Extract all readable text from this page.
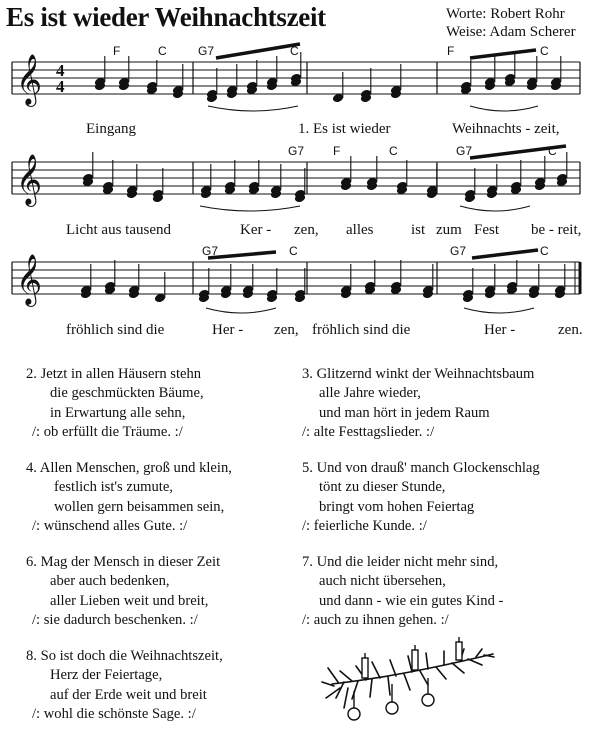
Es ist wieder Weihnachtszeit	Worte: Robert Rohr
Weise: Adam Scherer
𝄞
𝄞
𝄞
4
4
F	C	G7	C	F	C
G7 F	C	G7	C
G7	C	G7	C
Eingang	1. Es ist wieder	Weihnachts - zeit,
Licht aus tausend	Ker - zen, alles	ist zum Fest be - reit,
fröhlich sind die	Her - zen, fröhlich sind die	Her -	zen.
2. Jetzt in allen Häusern stehn
die geschmückten Bäume,
in Erwartung alle sehn,
/: ob erfüllt die Träume. :/
3. Glitzernd winkt der Weihnachtsbaum
alle Jahre wieder,
und man hört in jedem Raum
/: alte Festtagslieder. :/
4. Allen Menschen, groß und klein,
festlich ist's zumute,
wollen gern beisammen sein,
/: wünschend alles Gute. :/
5. Und von drauß' manch Glockenschlag
tönt zu dieser Stunde,
bringt vom hohen Feiertag
/: feierliche Kunde. :/
6. Mag der Mensch in dieser Zeit
aber auch bedenken,
aller Lieben weit und breit,
/: sie dadurch beschenken. :/
7. Und die leider nicht mehr sind,
auch nicht übersehen,
und dann - wie ein gutes Kind -
/: auch zu ihnen gehen. :/
8. So ist doch die Weihnachtszeit,
Herz der Feiertage,
auf der Erde weit und breit
/: wohl die schönste Sage. :/
